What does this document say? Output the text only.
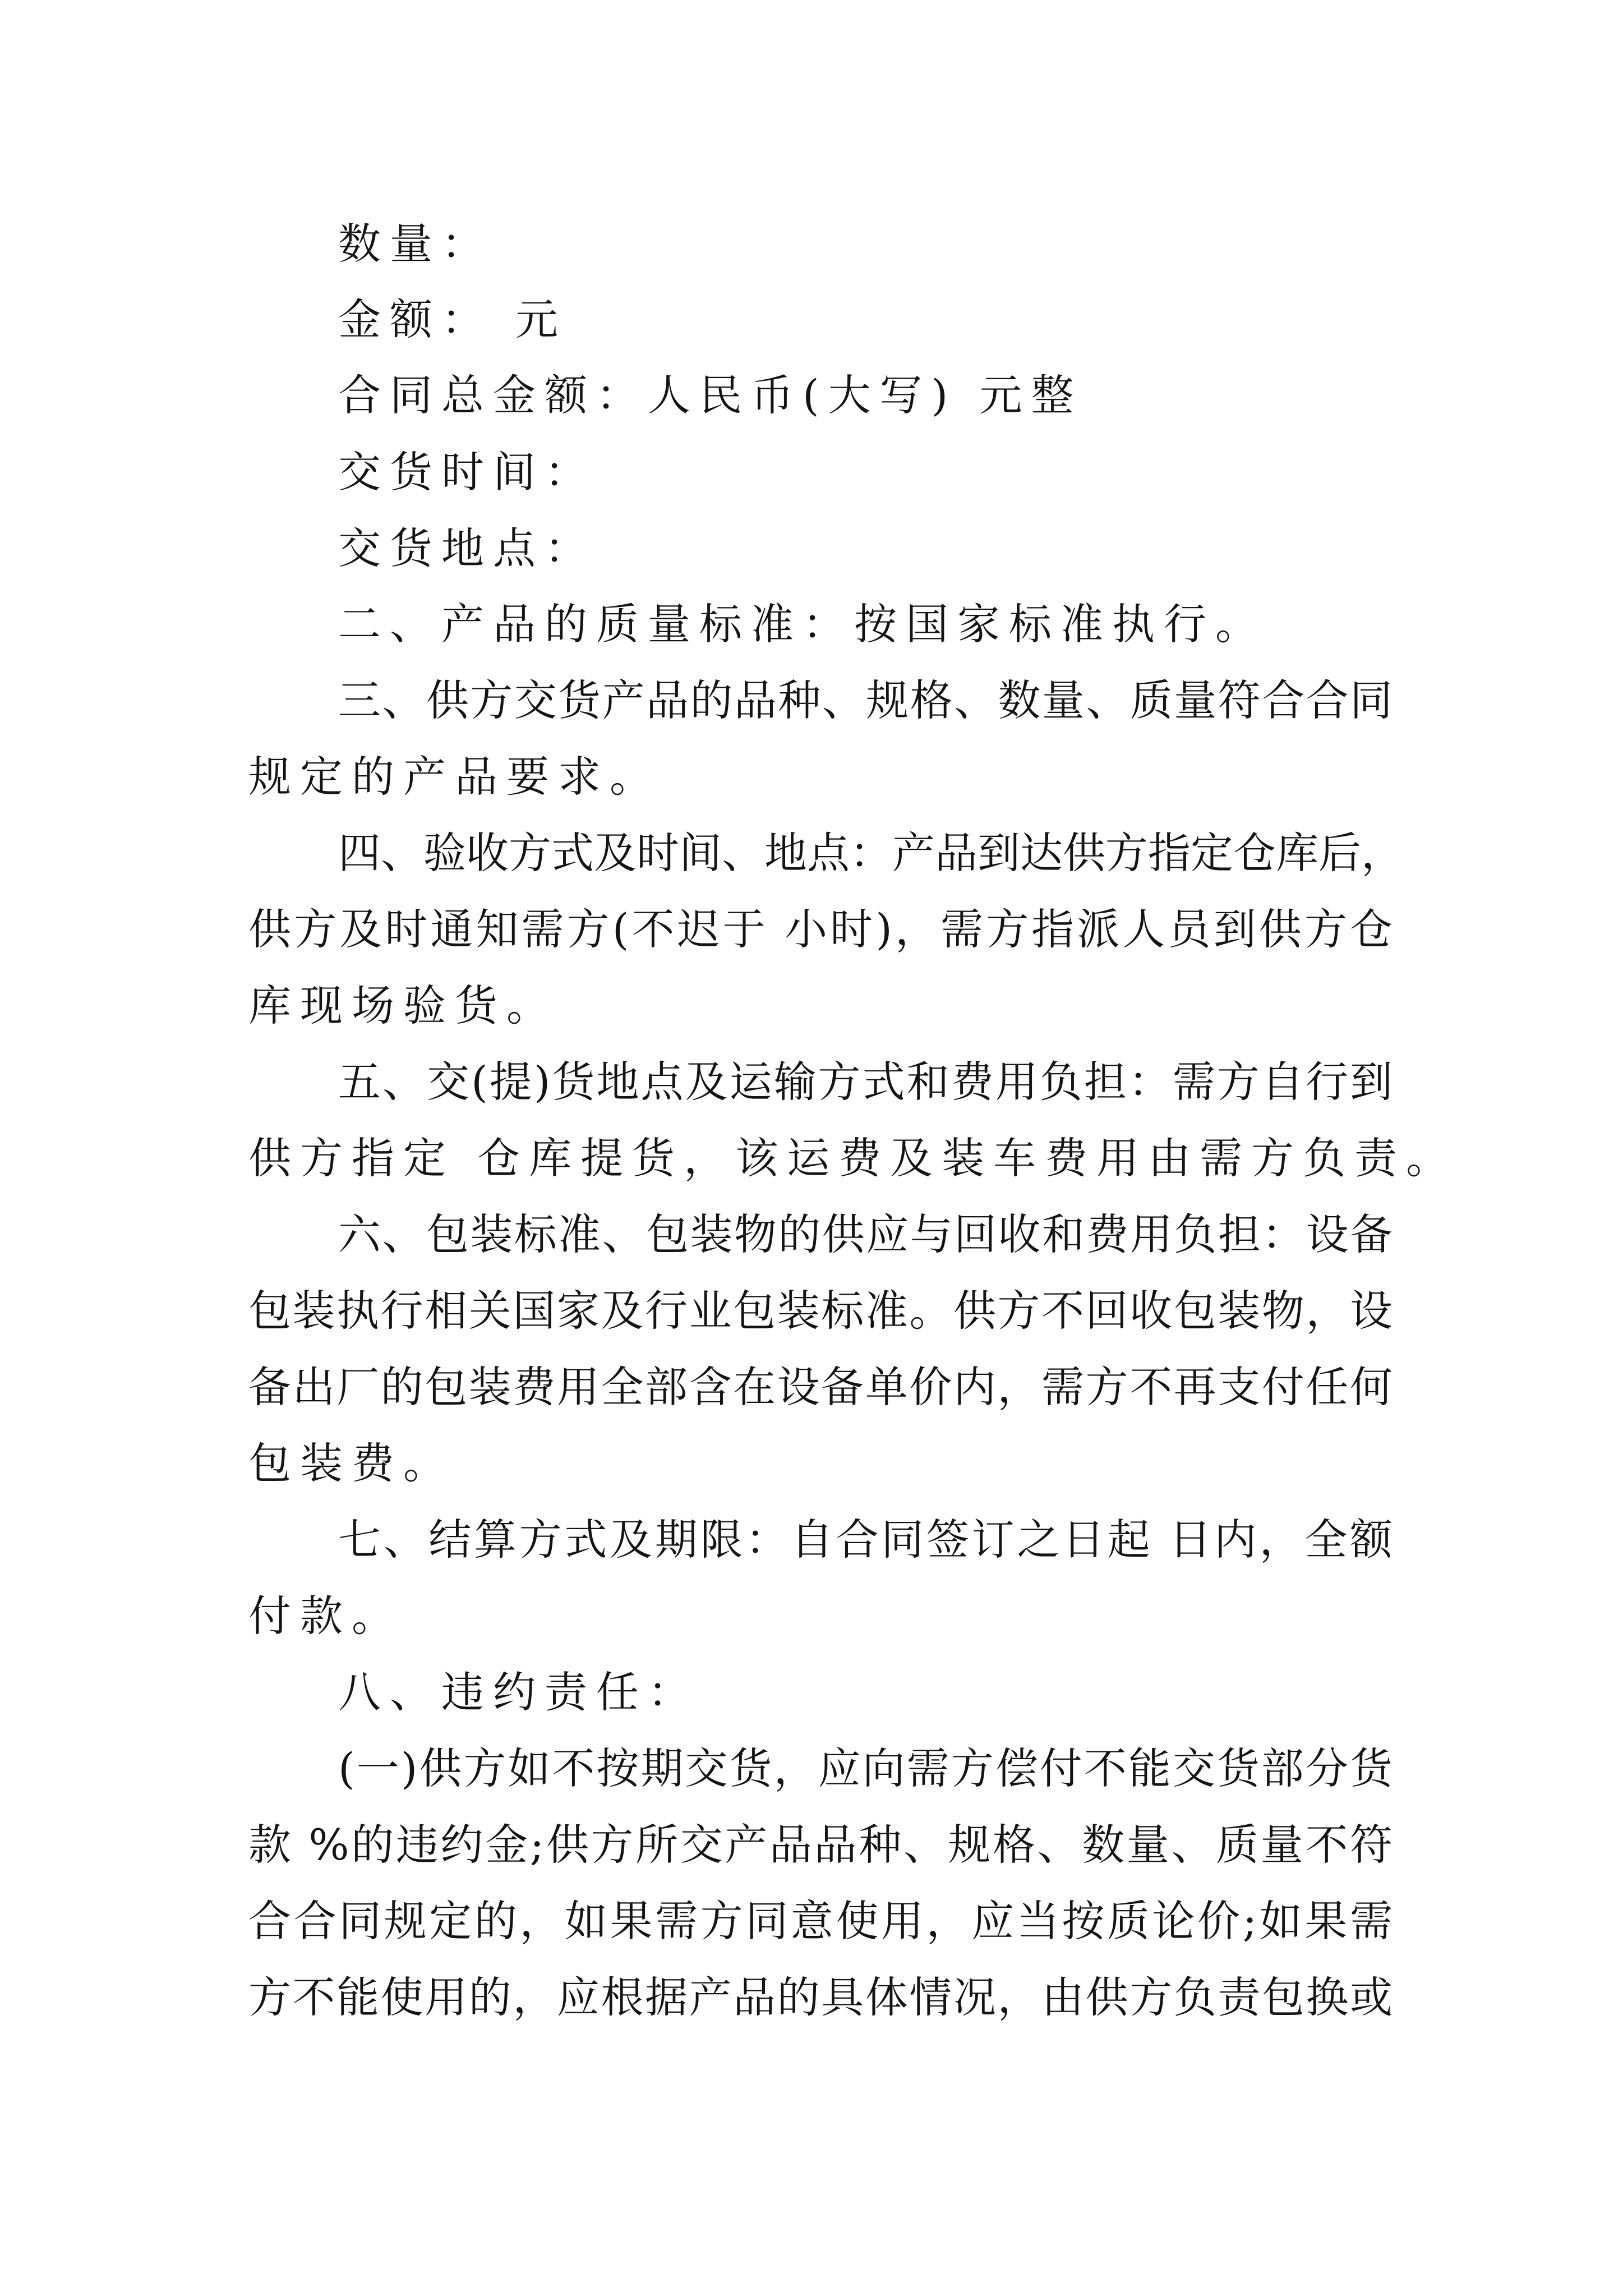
数量：
金额： 元
合同总金额：人民币(大写) 元整
交货时间：
交货地点：
二、产品的质量标准：按国家标准执行。
三、供方交货产品的品种、规格、数量、质量符合合同
规定的产品要求。
四、验收方式及时间、地点：产品到达供方指定仓库后，
供方及时通知需方(不迟于 小时)，需方指派人员到供方仓
库现场验货。
五、交(提)货地点及运输方式和费用负担：需方自行到
供方指定 仓库提货，该运费及装车费用由需方负责。
六、包装标准、包装物的供应与回收和费用负担：设备
包装执行相关国家及行业包装标准。供方不回收包装物，设
备出厂的包装费用全部含在设备单价内，需方不再支付任何
包装费。
七、结算方式及期限：自合同签订之日起 日内，全额
付款。
八、违约责任：
(一)供方如不按期交货，应向需方偿付不能交货部分货
款 %的违约金;供方所交产品品种、规格、数量、质量不符
合合同规定的，如果需方同意使用，应当按质论价;如果需
方不能使用的，应根据产品的具体情况，由供方负责包换或
